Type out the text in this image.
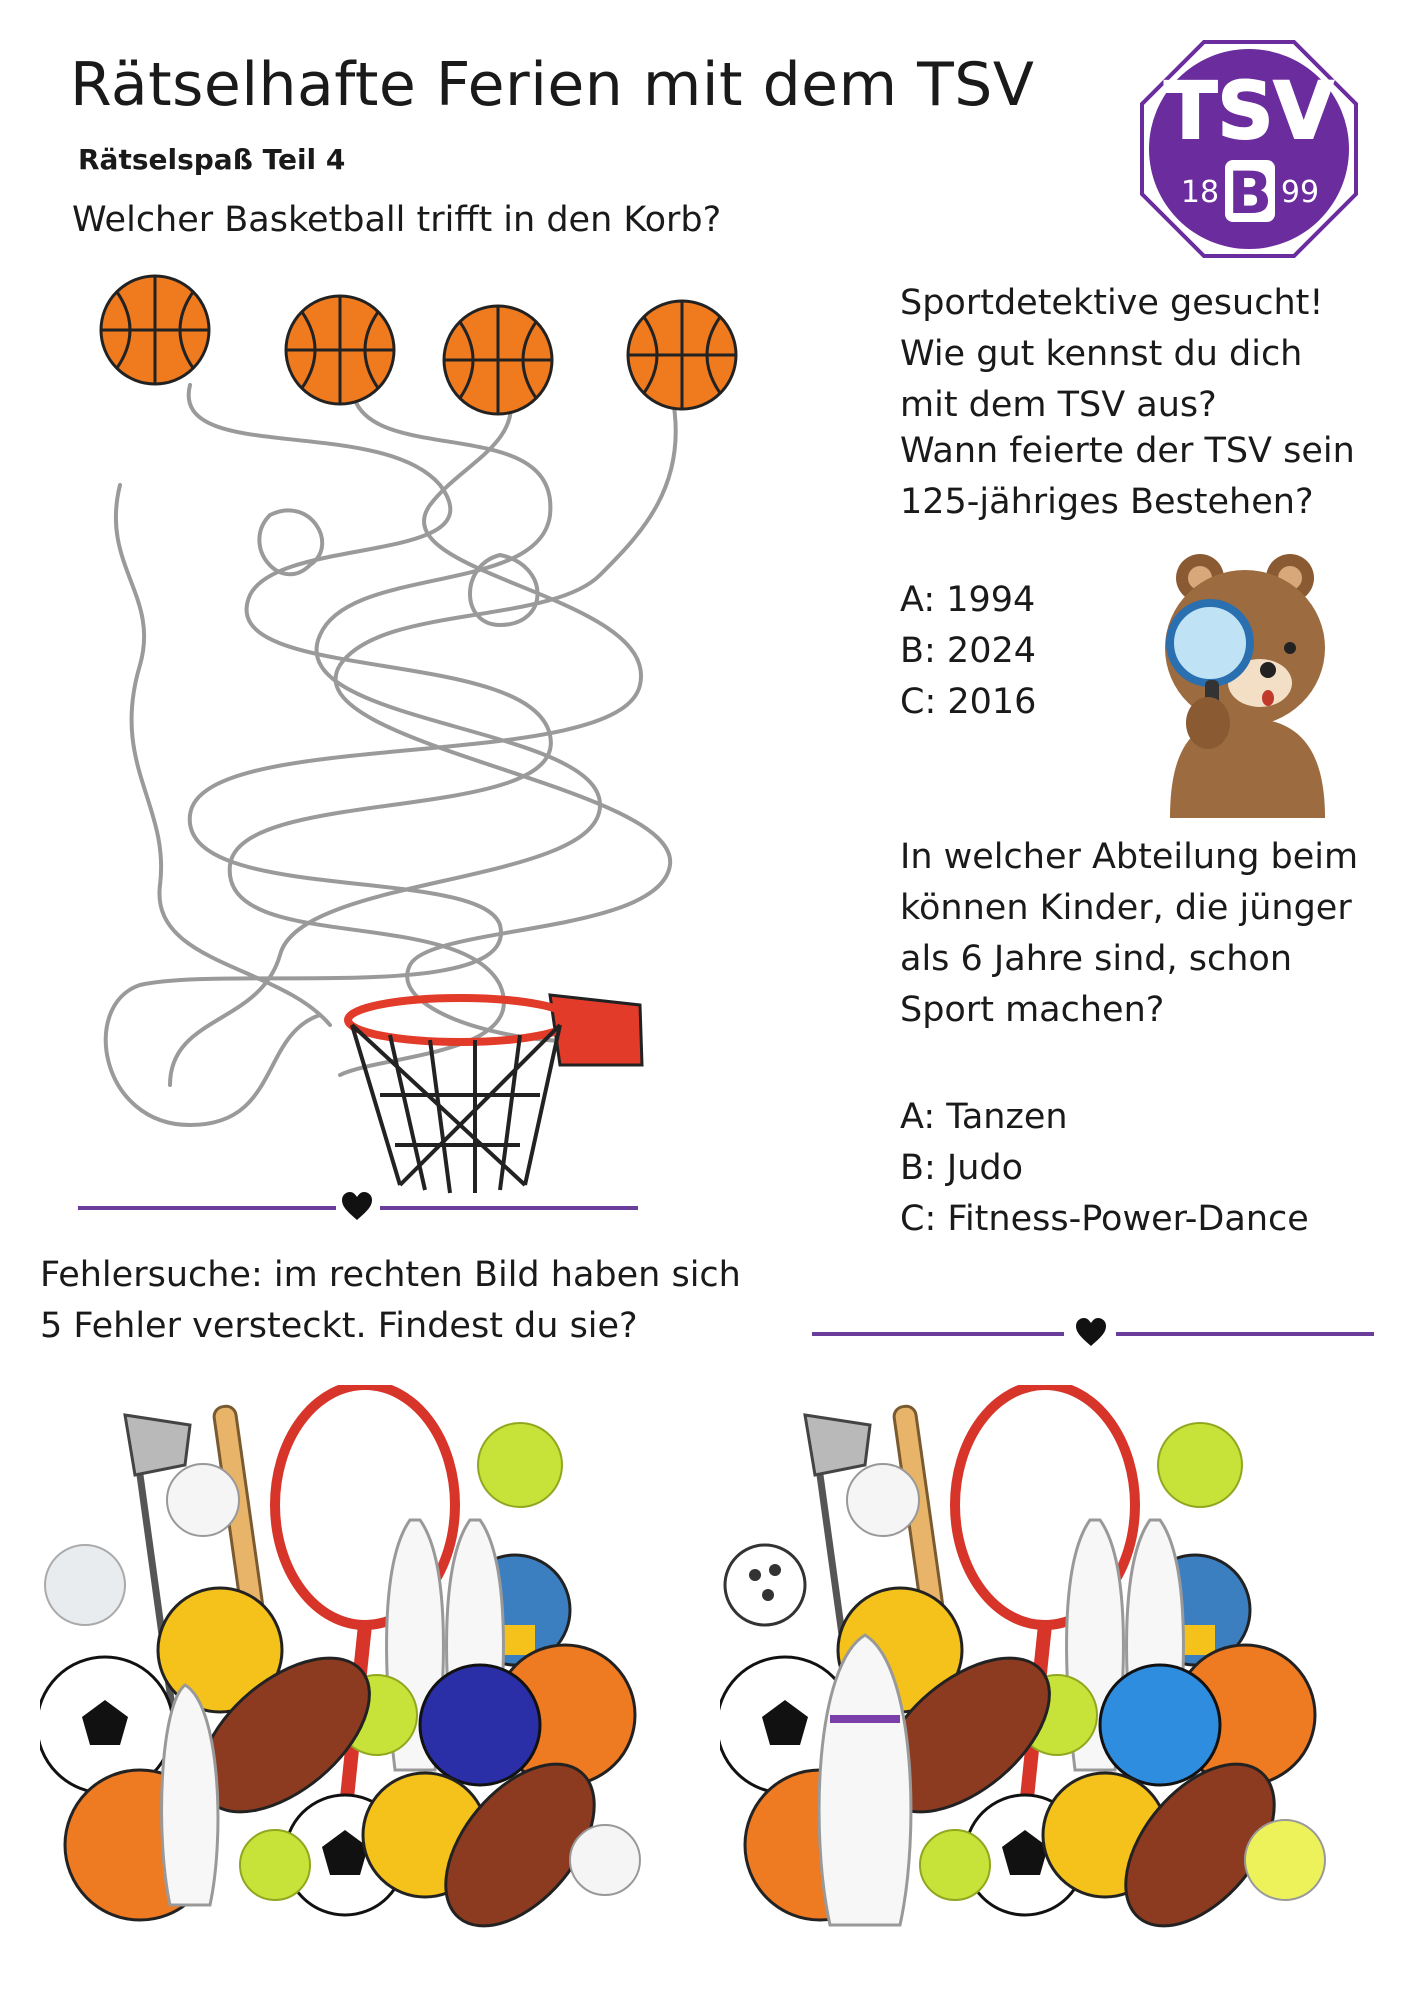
Rätselhafte Ferien mit dem TSV
Rätselspaß Teil 4
TSV
B
18 99
Welcher Basketball trifft in den Korb?
Sportdetektive gesucht!
Wie gut kennst du dich
mit dem TSV aus?
Wann feierte der TSV sein
125-jähriges Bestehen?
A: 1994
B: 2024
C: 2016
In welcher Abteilung beim
können Kinder, die jünger
als 6 Jahre sind, schon
Sport machen?
A: Tanzen
B: Judo
C: Fitness-Power-Dance
Fehlersuche: im rechten Bild haben sich
5 Fehler versteckt. Findest du sie?
